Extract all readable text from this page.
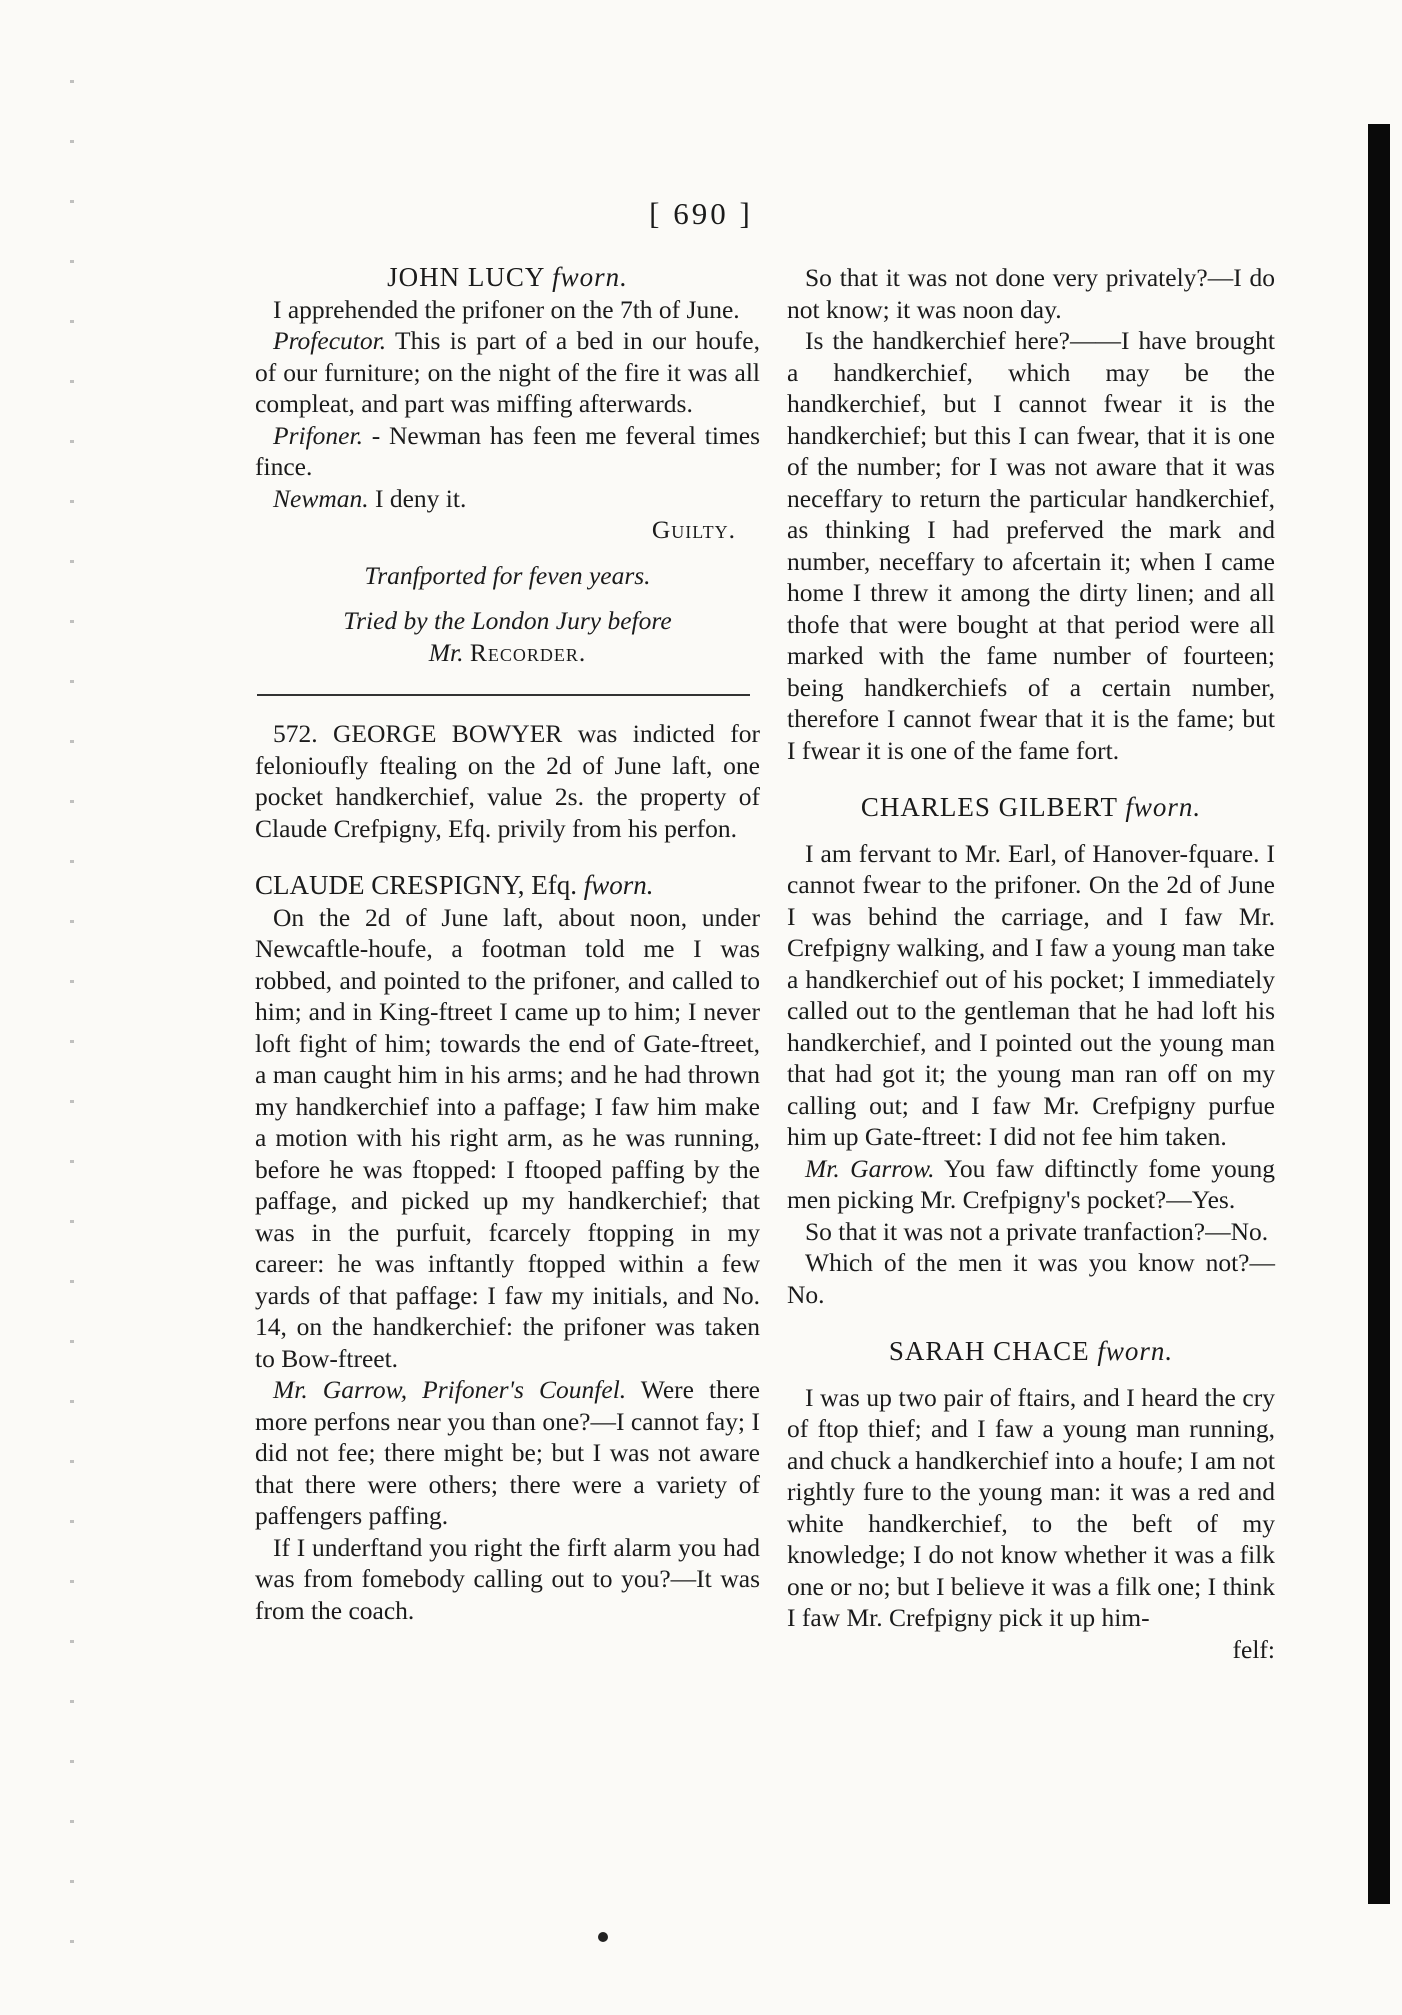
[ 690 ]

JOHN LUCY fworn.

I apprehended the prifoner on the 7th of June.

Profecutor. This is part of a bed in our houfe, of our furniture; on the night of the fire it was all compleat, and part was miffing afterwards.

Prifoner. - Newman has feen me feveral times fince.

Newman. I deny it.

Guilty.

Tranfported for feven years.

Tried by the London Jury before

Mr. Recorder.

572. GEORGE BOWYER was indicted for felonioufly ftealing on the 2d of June laft, one pocket handkerchief, value 2s. the property of Claude Crefpigny, Efq. privily from his perfon.

CLAUDE CRESPIGNY, Efq. fworn.

On the 2d of June laft, about noon, under Newcaftle-houfe, a footman told me I was robbed, and pointed to the prifoner, and called to him; and in King-ftreet I came up to him; I never loft fight of him; towards the end of Gate-ftreet, a man caught him in his arms; and he had thrown my handkerchief into a paffage; I faw him make a motion with his right arm, as he was running, before he was ftopped: I ftooped paffing by the paffage, and picked up my handkerchief; that was in the purfuit, fcarcely ftopping in my career: he was inftantly ftopped within a few yards of that paffage: I faw my initials, and No. 14, on the handkerchief: the prifoner was taken to Bow-ftreet.

Mr. Garrow, Prifoner's Counfel. Were there more perfons near you than one?—I cannot fay; I did not fee; there might be; but I was not aware that there were others; there were a variety of paffengers paffing.

If I underftand you right the firft alarm you had was from fomebody calling out to you?—It was from the coach.

So that it was not done very privately?—I do not know; it was noon day.

Is the handkerchief here?——I have brought a handkerchief, which may be the handkerchief, but I cannot fwear it is the handkerchief; but this I can fwear, that it is one of the number; for I was not aware that it was neceffary to return the particular handkerchief, as thinking I had preferved the mark and number, neceffary to afcertain it; when I came home I threw it among the dirty linen; and all thofe that were bought at that period were all marked with the fame number of fourteen; being handkerchiefs of a certain number, therefore I cannot fwear that it is the fame; but I fwear it is one of the fame fort.

CHARLES GILBERT fworn.

I am fervant to Mr. Earl, of Hanover-fquare. I cannot fwear to the prifoner. On the 2d of June I was behind the carriage, and I faw Mr. Crefpigny walking, and I faw a young man take a handkerchief out of his pocket; I immediately called out to the gentleman that he had loft his handkerchief, and I pointed out the young man that had got it; the young man ran off on my calling out; and I faw Mr. Crefpigny purfue him up Gate-ftreet: I did not fee him taken.

Mr. Garrow. You faw diftinctly fome young men picking Mr. Crefpigny's pocket?—Yes.

So that it was not a private tranfaction?—No.

Which of the men it was you know not?—No.

SARAH CHACE fworn.

I was up two pair of ftairs, and I heard the cry of ftop thief; and I faw a young man running, and chuck a handkerchief into a houfe; I am not rightly fure to the young man: it was a red and white handkerchief, to the beft of my knowledge; I do not know whether it was a filk one or no; but I believe it was a filk one; I think I faw Mr. Crefpigny pick it up him-

felf:
